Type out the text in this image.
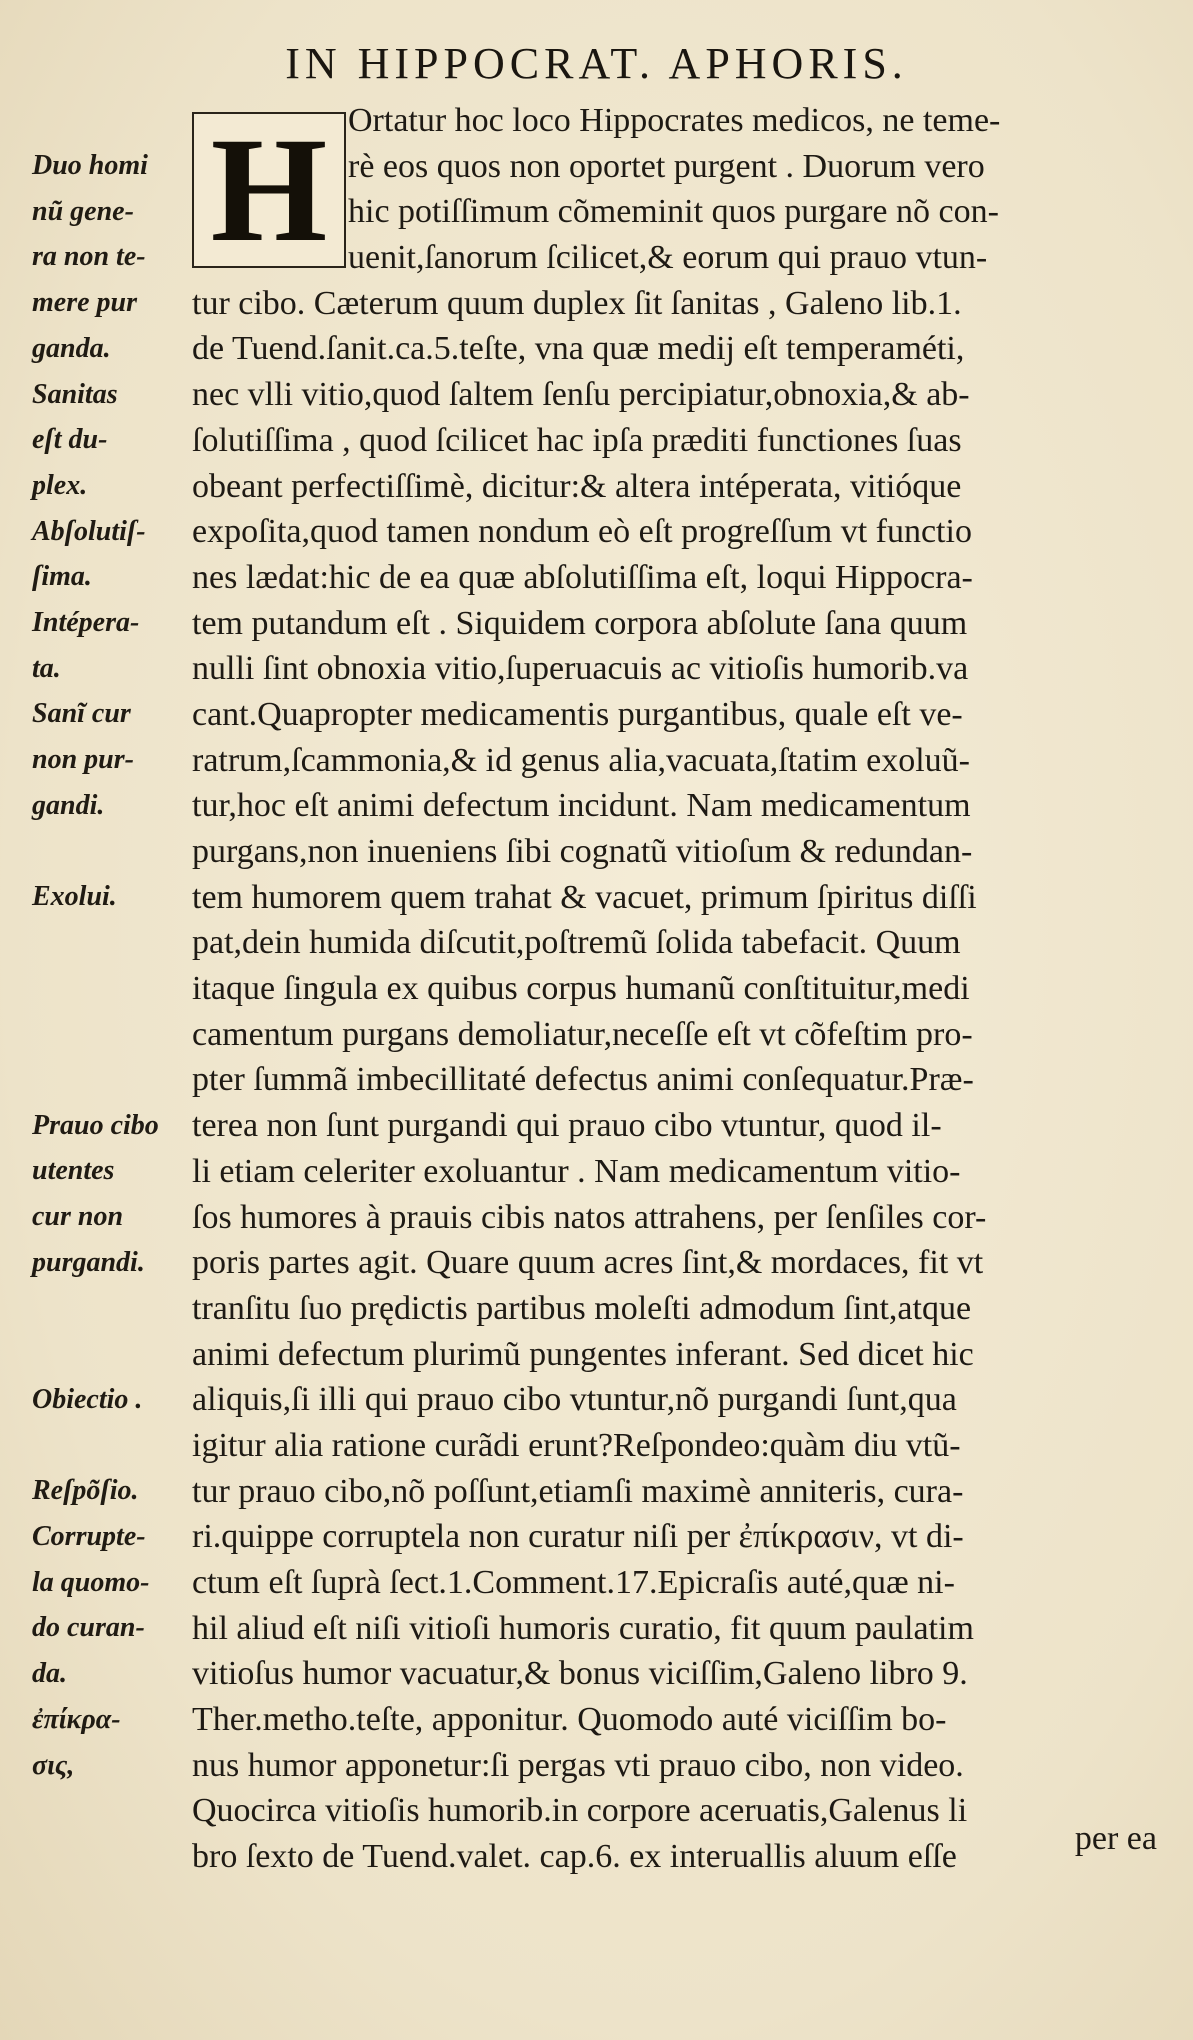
IN HIPPOCRAT. APHORIS.
H Ortatur hoc loco Hippocrates medicos, ne teme-
rè eos quos non oportet purgent . Duorum vero
hic potiſſimum cõmeminit quos purgare nõ con-
uenit,ſanorum ſcilicet,& eorum qui prauo vtun-
tur cibo. Cæterum quum duplex ſit ſanitas , Galeno lib.1.
de Tuend.ſanit.ca.5.teſte, vna quæ medij eſt temperaméti,
nec vlli vitio,quod ſaltem ſenſu percipiatur,obnoxia,& ab-
ſolutiſſima , quod ſcilicet hac ipſa præditi functiones ſuas
obeant perfectiſſimè, dicitur:& altera intéperata, vitióque
expoſita,quod tamen nondum eò eſt progreſſum vt functio
nes lædat:hic de ea quæ abſolutiſſima eſt, loqui Hippocra-
tem putandum eſt . Siquidem corpora abſolute ſana quum
nulli ſint obnoxia vitio,ſuperuacuis ac vitioſis humorib.va
cant.Quapropter medicamentis purgantibus, quale eſt ve-
ratrum,ſcammonia,& id genus alia,vacuata,ſtatim exoluũ-
tur,hoc eſt animi defectum incidunt. Nam medicamentum
purgans,non inueniens ſibi cognatũ vitioſum & redundan-
tem humorem quem trahat & vacuet, primum ſpiritus diſſi
pat,dein humida diſcutit,poſtremũ ſolida tabefacit. Quum
itaque ſingula ex quibus corpus humanũ conſtituitur,medi
camentum purgans demoliatur,neceſſe eſt vt cõfeſtim pro-
pter ſummã imbecillitaté defectus animi conſequatur.Præ-
terea non ſunt purgandi qui prauo cibo vtuntur, quod il-
li etiam celeriter exoluantur . Nam medicamentum vitio-
ſos humores à prauis cibis natos attrahens, per ſenſiles cor-
poris partes agit. Quare quum acres ſint,& mordaces, fit vt
tranſitu ſuo prędictis partibus moleſti admodum ſint,atque
animi defectum plurimũ pungentes inferant. Sed dicet hic
aliquis,ſi illi qui prauo cibo vtuntur,nõ purgandi ſunt,qua
igitur alia ratione curãdi erunt?Reſpondeo:quàm diu vtũ-
tur prauo cibo,nõ poſſunt,etiamſi maximè anniteris, cura-
ri.quippe corruptela non curatur niſi per ἐπίκρασιν, vt di-
ctum eſt ſuprà ſect.1.Comment.17.Epicraſis auté,quæ ni-
hil aliud eſt niſi vitioſi humoris curatio, fit quum paulatim
vitioſus humor vacuatur,& bonus viciſſim,Galeno libro 9.
Ther.metho.teſte, apponitur. Quomodo auté viciſſim bo-
nus humor apponetur:ſi pergas vti prauo cibo, non video.
Quocirca vitioſis humorib.in corpore aceruatis,Galenus li
bro ſexto de Tuend.valet. cap.6. ex interuallis aluum eſſe
Duo homi
nũ gene-
ra non te-
mere pur
ganda.
Sanitas
eſt du-
plex.
Abſolutiſ-
ſima.
Intépera-
ta.
Sanĩ cur
non pur-
gandi.
Exolui.
Prauo cibo
utentes
cur non
purgandi.
Obiectio .
Reſpõſio.
Corrupte-
la quomo-
do curan-
da.
ἐπίκρα-
σις,
per ea
